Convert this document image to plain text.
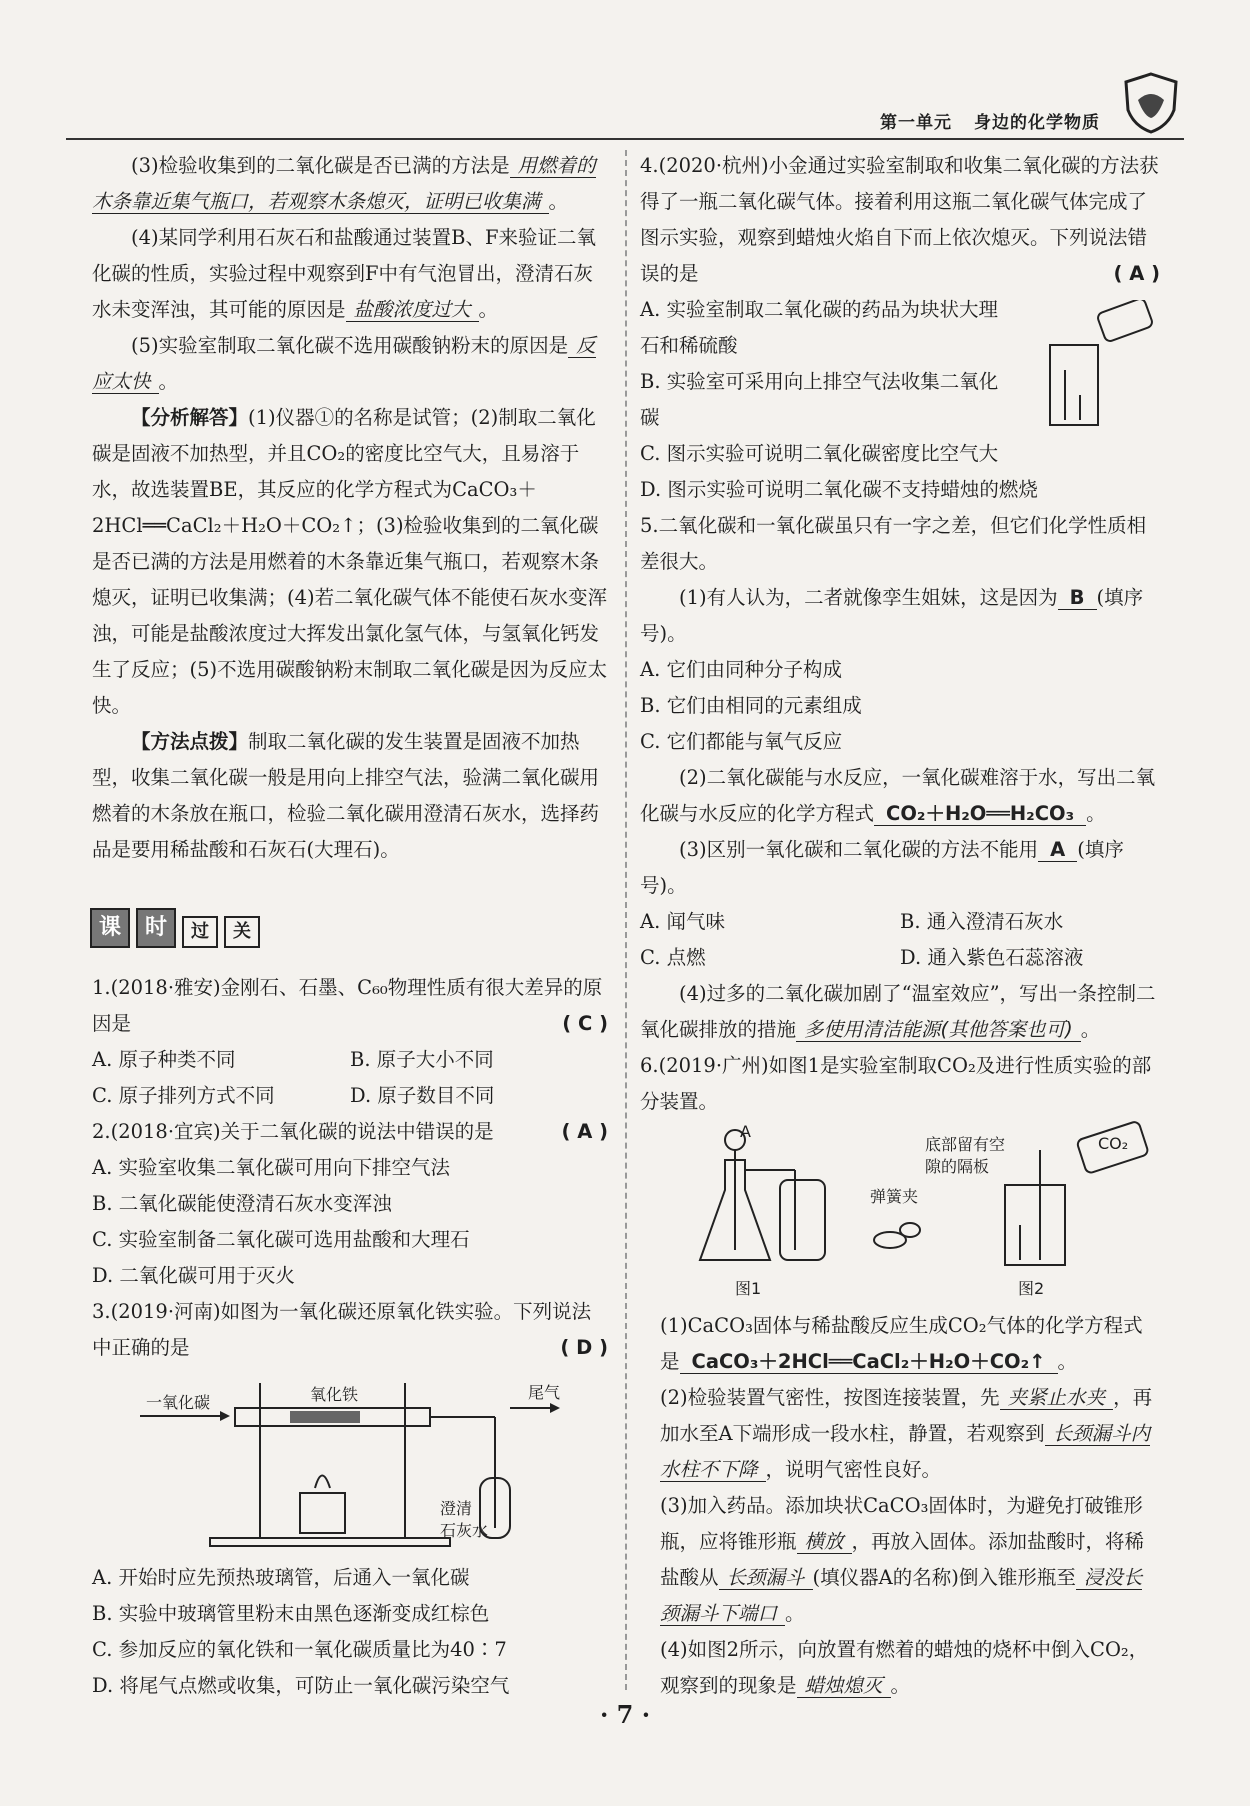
第一单元 身边的化学物质

(3)检验收集到的二氧化碳是否已满的方法是 用燃着的木条靠近集气瓶口，若观察木条熄灭，证明已收集满 。

(4)某同学利用石灰石和盐酸通过装置B、F来验证二氧化碳的性质，实验过程中观察到F中有气泡冒出，澄清石灰水未变浑浊，其可能的原因是 盐酸浓度过大 。

(5)实验室制取二氧化碳不选用碳酸钠粉末的原因是 反应太快 。

【分析解答】(1)仪器①的名称是试管；(2)制取二氧化碳是固液不加热型，并且CO₂的密度比空气大，且易溶于水，故选装置BE，其反应的化学方程式为CaCO₃＋2HCl══CaCl₂＋H₂O＋CO₂↑；(3)检验收集到的二氧化碳是否已满的方法是用燃着的木条靠近集气瓶口，若观察木条熄灭，证明已收集满；(4)若二氧化碳气体不能使石灰水变浑浊，可能是盐酸浓度过大挥发出氯化氢气体，与氢氧化钙发生了反应；(5)不选用碳酸钠粉末制取二氧化碳是因为反应太快。

【方法点拨】制取二氧化碳的发生装置是固液不加热型，收集二氧化碳一般是用向上排空气法，验满二氧化碳用燃着的木条放在瓶口，检验二氧化碳用澄清石灰水，选择药品是要用稀盐酸和石灰石(大理石)。

课	时	过	关

1.(2018·雅安)金刚石、石墨、C₆₀物理性质有很大差异的原因是	( C )

A. 原子种类不同	B. 原子大小不同
C. 原子排列方式不同	D. 原子数目不同

2.(2018·宜宾)关于二氧化碳的说法中错误的是	( A )

A. 实验室收集二氧化碳可用向下排空气法

B. 二氧化碳能使澄清石灰水变浑浊

C. 实验室制备二氧化碳可选用盐酸和大理石

D. 二氧化碳可用于灭火

3.(2019·河南)如图为一氧化碳还原氧化铁实验。下列说法中正确的是	( D )

一氧化碳	氧化铁	尾气
澄清
石灰水

A. 开始时应先预热玻璃管，后通入一氧化碳

B. 实验中玻璃管里粉末由黑色逐渐变成红棕色

C. 参加反应的氧化铁和一氧化碳质量比为40∶7

D. 将尾气点燃或收集，可防止一氧化碳污染空气

4.(2020·杭州)小金通过实验室制取和收集二氧化碳的方法获得了一瓶二氧化碳气体。接着利用这瓶二氧化碳气体完成了图示实验，观察到蜡烛火焰自下而上依次熄灭。下列说法错误的是	( A )

A. 实验室制取二氧化碳的药品为块状大理石和稀硫酸

B. 实验室可采用向上排空气法收集二氧化碳

C. 图示实验可说明二氧化碳密度比空气大

D. 图示实验可说明二氧化碳不支持蜡烛的燃烧

5.二氧化碳和一氧化碳虽只有一字之差，但它们化学性质相差很大。

(1)有人认为，二者就像孪生姐妹，这是因为 B (填序号)。

A. 它们由同种分子构成

B. 它们由相同的元素组成

C. 它们都能与氧气反应

(2)二氧化碳能与水反应，一氧化碳难溶于水，写出二氧化碳与水反应的化学方程式 CO₂＋H₂O══H₂CO₃ 。

(3)区别一氧化碳和二氧化碳的方法不能用 A (填序号)。

A. 闻气味	B. 通入澄清石灰水
C. 点燃	D. 通入紫色石蕊溶液

(4)过多的二氧化碳加剧了“温室效应”，写出一条控制二氧化碳排放的措施 多使用清洁能源(其他答案也可) 。

6.(2019·广州)如图1是实验室制取CO₂及进行性质实验的部分装置。

A
弹簧夹
底部留有空
隙的隔板
CO₂
图1	图2

(1)CaCO₃固体与稀盐酸反应生成CO₂气体的化学方程式是 CaCO₃＋2HCl══CaCl₂＋H₂O＋CO₂↑ 。

(2)检验装置气密性，按图连接装置，先 夹紧止水夹 ，再加水至A下端形成一段水柱，静置，若观察到 长颈漏斗内水柱不下降 ，说明气密性良好。

(3)加入药品。添加块状CaCO₃固体时，为避免打破锥形瓶，应将锥形瓶 横放 ，再放入固体。添加盐酸时，将稀盐酸从 长颈漏斗 (填仪器A的名称)倒入锥形瓶至 浸没长颈漏斗下端口 。

(4)如图2所示，向放置有燃着的蜡烛的烧杯中倒入CO₂，观察到的现象是 蜡烛熄灭 。

· 7 ·
